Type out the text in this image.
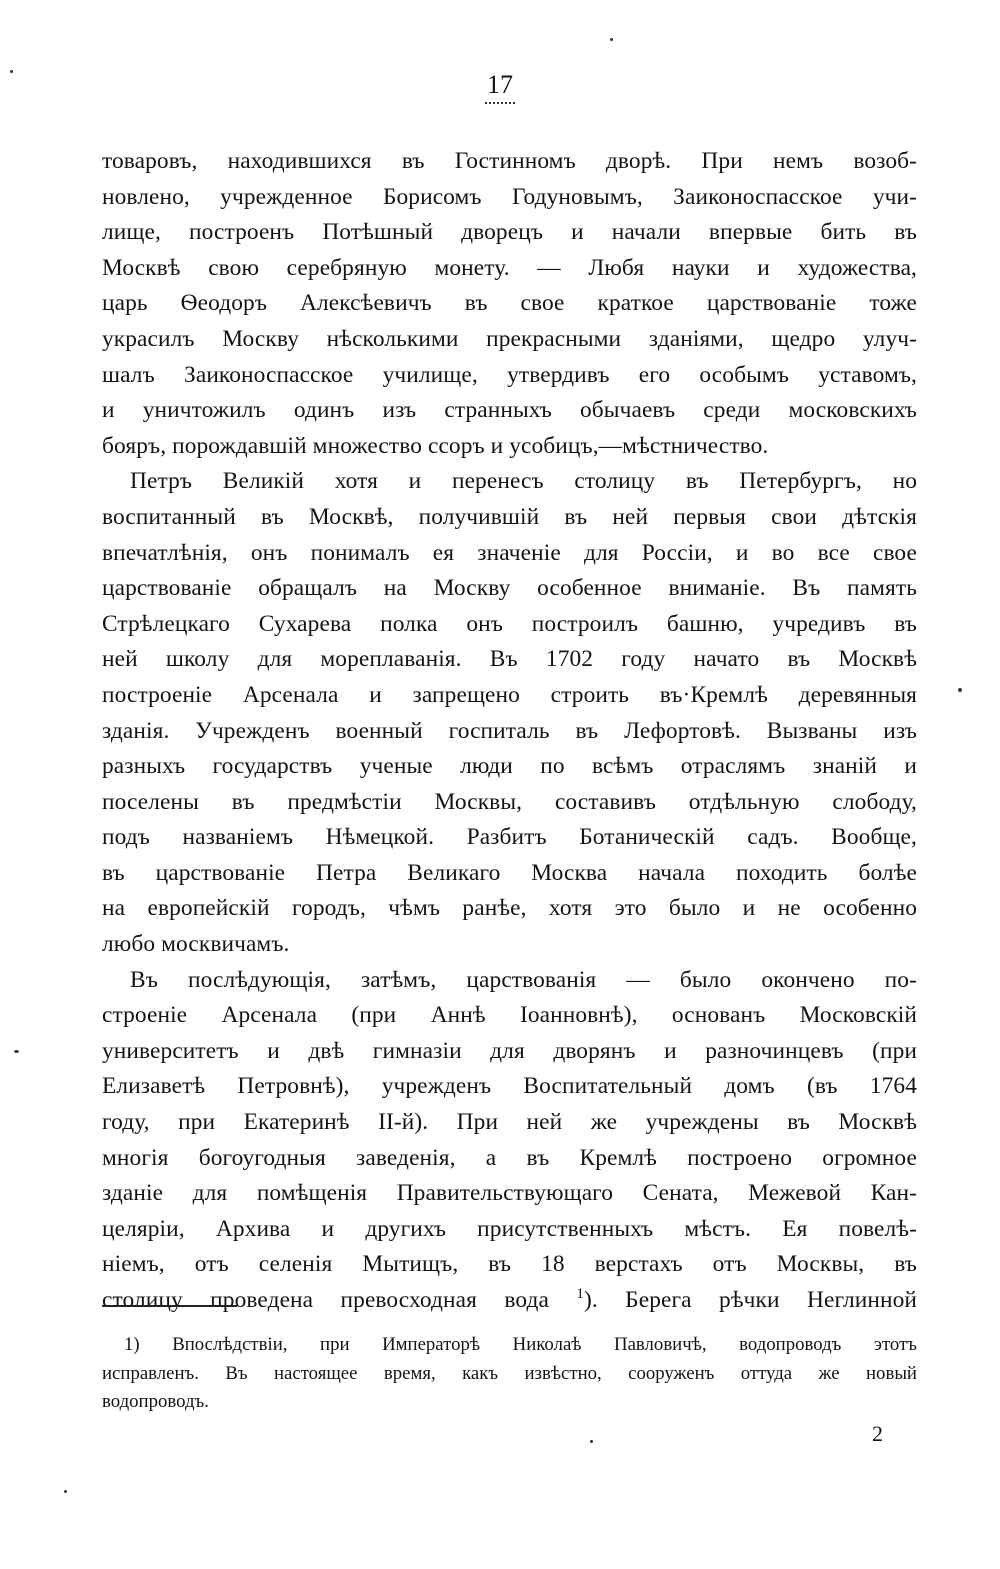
17
товаровъ, находившихся въ Гостинномъ дворѣ. При немъ возоб-
новлено, учрежденное Борисомъ Годуновымъ, Заиконоспасское учи-
лище, построенъ Потѣшный дворецъ и начали впервые бить въ
Москвѣ свою серебряную монету. — Любя науки и художества,
царь Ѳеодоръ Алексѣевичъ въ свое краткое царствованіе тоже
украсилъ Москву нѣсколькими прекрасными зданіями, щедро улуч-
шалъ Заиконоспасское училище, утвердивъ его особымъ уставомъ,
и уничтожилъ одинъ изъ странныхъ обычаевъ среди московскихъ
бояръ, порождавшій множество ссоръ и усобицъ,—мѣстничество.
Петръ Великій хотя и перенесъ столицу въ Петербургъ, но
воспитанный въ Москвѣ, получившій въ ней первыя свои дѣтскія
впечатлѣнія, онъ понималъ ея значеніе для Россіи, и во все свое
царствованіе обращалъ на Москву особенное вниманіе. Въ память
Стрѣлецкаго Сухарева полка онъ построилъ башню, учредивъ въ
ней школу для мореплаванія. Въ 1702 году начато въ Москвѣ
построеніе Арсенала и запрещено строить въ·Кремлѣ деревянныя
зданія. Учрежденъ военный госпиталь въ Лефортовѣ. Вызваны изъ
разныхъ государствъ ученые люди по всѣмъ отраслямъ знаній и
поселены въ предмѣстіи Москвы, составивъ отдѣльную слободу,
подъ названіемъ Нѣмецкой. Разбитъ Ботаническій садъ. Вообще,
въ царствованіе Петра Великаго Москва начала походить болѣе
на европейскій городъ, чѣмъ ранѣе, хотя это было и не особенно
любо москвичамъ.
Въ послѣдующія, затѣмъ, царствованія — было окончено по-
строеніе Арсенала (при Аннѣ Іоанновнѣ), основанъ Московскій
университетъ и двѣ гимназіи для дворянъ и разночинцевъ (при
Елизаветѣ Петровнѣ), учрежденъ Воспитательный домъ (въ 1764
году, при Екатеринѣ II-й). При ней же учреждены въ Москвѣ
многія богоугодныя заведенія, а въ Кремлѣ построено огромное
зданіе для помѣщенія Правительствующаго Сената, Межевой Кан-
целяріи, Архива и другихъ присутственныхъ мѣстъ. Ея повелѣ-
ніемъ, отъ селенія Мытищъ, въ 18 верстахъ отъ Москвы, въ
столицу проведена превосходная вода $^1$). Берега рѣчки Неглинной
1) Впослѣдствіи, при Императорѣ Николаѣ Павловичѣ, водопроводъ этотъ
исправленъ. Въ настоящее время, какъ извѣстно, сооруженъ оттуда же новый
водопроводъ.
2
